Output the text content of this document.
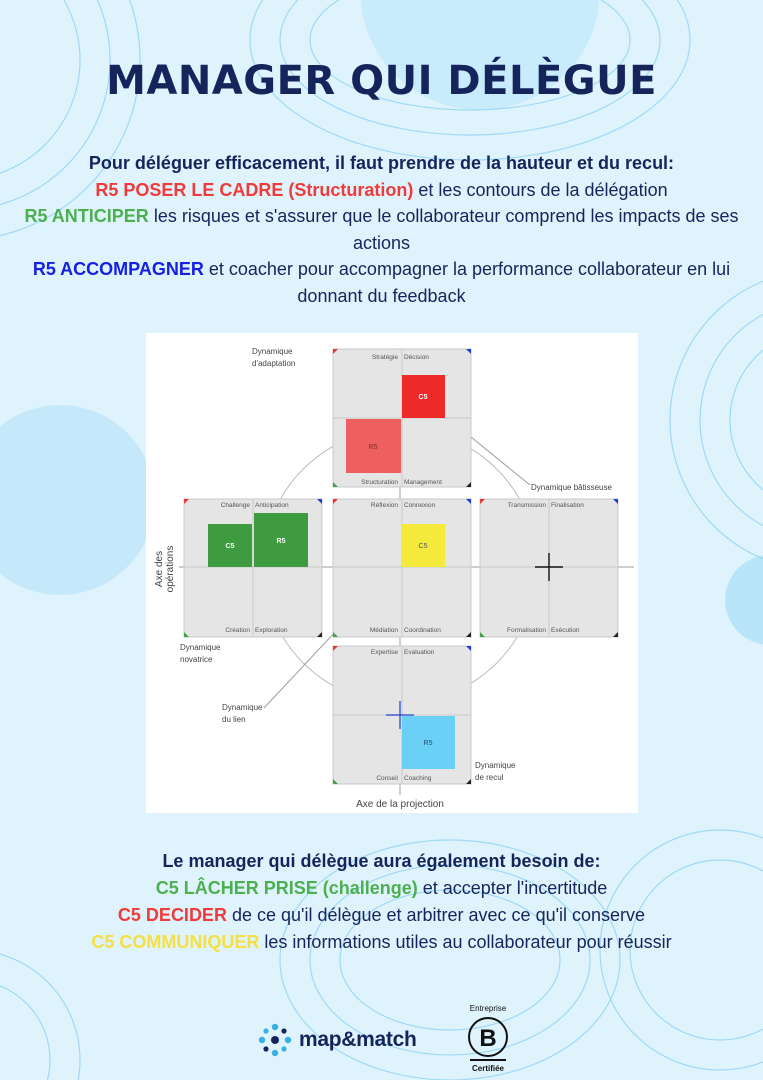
MANAGER QUI DÉLÈGUE
Pour déléguer efficacement, il faut prendre de la hauteur et du recul:
R5 POSER LE CADRE (Structuration) et les contours de la délégation
R5 ANTICIPER les risques et s'assurer que le collaborateur comprend les impacts de ses actions
R5 ACCOMPAGNER et coacher pour accompagner la performance collaborateur en lui donnant du feedback
R5
C5
Stratégie Décision
Structuration Management
C5
R5
Challenge Anticipation
Création Exploration
C5
Réflexion Connexion
Médiation Coordination
Transmission Finalisation
Formalisation Exécution
R5
Expertise Evaluation
Conseil Coaching
Dynamique
d'adaptation
Dynamique bâtisseuse
Dynamique
novatrice
Dynamique
du lien
Dynamique
de recul
Axe de la projection
Axe des opérations
Le manager qui délègue aura également besoin de:
C5 LÂCHER PRISE (challenge) et accepter l'incertitude
C5 DECIDER de ce qu'il délègue et arbitrer avec ce qu'il conserve
C5 COMMUNIQUER les informations utiles au collaborateur pour réussir
map&match
Entreprise
B
Certifiée
